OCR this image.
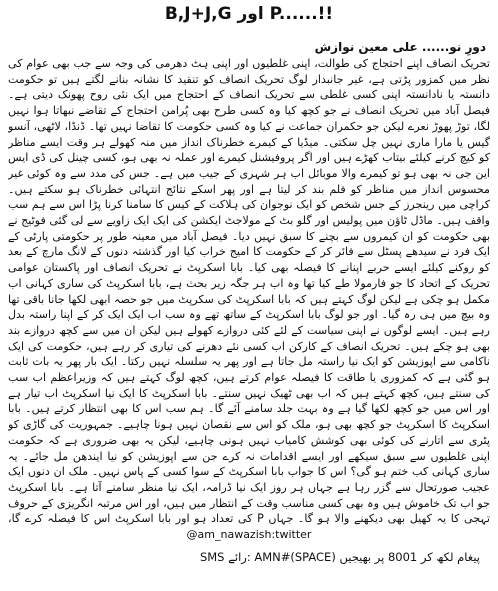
B,J+J,G اور P......!!
دورِ نو...... علی معین نوازش

تحریک انصاف اپنے احتجاج کی طوالت، اپنی غلطیوں اور اپنی ہٹ دھرمی کی وجہ سے جب بھی عوام کی نظر میں کمزور پڑتی ہے، غیر جانبدار لوگ تحریک انصاف کو تنقید کا نشانہ بنانے لگتے ہیں تو حکومت دانستہ یا نادانستہ اپنی کسی غلطی سے تحریک انصاف کے احتجاج میں ایک نئی روح پھونک دیتی ہے۔ فیصل آباد میں تحریک انصاف نے جو کچھ کیا وہ کسی طرح بھی پُرامن احتجاج کے تقاضے نبھاتا ہوا نہیں لگا، توڑ پھوڑ نعرے لیکن جو حکمران جماعت نے کیا وہ کسی حکومت کا تقاضا نہیں تھا۔ ڈنڈا، لاٹھی، آنسو گیس یا مارا ماری نہیں چل سکتی۔ میڈیا کے کیمرے خطرناک انداز میں منہ کھولے ہر وقت ایسے مناظر کو کیچ کرنے کیلئے بیتاب کھڑے ہیں اور اگر پروفیشنل کیمرے اور عملہ نہ بھی ہو، کسی چینل کی ڈی ایس این جی نہ بھی ہو تو کیمرے والا موبائل اب ہر شہری کے جیب میں ہے۔ جس کی مدد سے وہ کوئی غیر محسوس انداز میں مناظر کو فلم بند کر لیتا ہے اور پھر اسکے نتائج انتہائی خطرناک ہو سکتے ہیں۔ کراچی میں رینجرز کے جس شخص کو ایک نوجوان کی ہلاکت کے کیس کا سامنا کرنا پڑا اس سے ہم سب واقف ہیں۔ ماڈل ٹاؤن میں پولیس اور گلو بٹ کے مولاجٹ ایکشن کی ایک ایک زاویے سے لی گئی فوٹیج نے بھی حکومت کو ان کیمروں سے بچنے کا سبق نہیں دیا۔ فیصل آباد میں معینہ طور پر حکومتی پارٹی کے ایک فرد نے سیدھے پسٹل سے فائر کر کے حکومت کا امیج خراب کیا اور گذشتہ دنوں کے لانگ مارچ کے بعد کو روکنے کیلئے ایسے حربے اپنانے کا فیصلہ بھی کیا۔ بابا اسکرپٹ نے تحریک انصاف اور پاکستان عوامی تحریک کے اتحاد کا جو فارمولا طے کیا تھا وہ اب ہر جگہ زیر بحث ہے، بابا اسکرپٹ کی ساری کہانی اب مکمل ہو چکی ہے لیکن لوگ کہتے ہیں کہ بابا اسکرپٹ کی سکرپٹ میں جو حصہ ابھی لکھا جانا باقی تھا وہ بیچ میں ہی رہ گیا۔ اور جو لوگ بابا اسکرپٹ کے ساتھ تھے وہ سب اب ایک ایک کر کے اپنا راستہ بدل رہے ہیں۔ ایسے لوگوں نے اپنی سیاست کے لئے کئی دروازے کھولے ہیں لیکن ان میں سے کچھ دروازے بند بھی ہو چکے ہیں۔ تحریک انصاف کے کارکن اب کسی نئے دھرنے کی تیاری کر رہے ہیں، حکومت کی ایک ناکامی سے اپوزیشن کو ایک نیا راستہ مل جاتا ہے اور پھر یہ سلسلہ نہیں رکتا۔ ایک بار پھر یہ بات ثابت ہو گئی ہے کہ کمزوری یا طاقت کا فیصلہ عوام کرتے ہیں، کچھ لوگ کہتے ہیں کہ وزیراعظم اب سب کی سنتے ہیں، کچھ کہتے ہیں کہ اب بھی ٹھیک نہیں سنتے۔ بابا اسکرپٹ کا ایک نیا اسکرپٹ اب تیار ہے اور اس میں جو کچھ لکھا گیا ہے وہ بہت جلد سامنے آئے گا۔ ہم سب اس کا بھی انتظار کرتے ہیں۔ بابا اسکرپٹ کا اسکرپٹ جو کچھ بھی ہو، ملک کو اس سے نقصان نہیں ہونا چاہیے۔ جمہوریت کی گاڑی کو پٹری سے اتارنے کی کوئی بھی کوشش کامیاب نہیں ہونی چاہیے، لیکن یہ بھی ضروری ہے کہ حکومت اپنی غلطیوں سے سبق سیکھے اور ایسے اقدامات نہ کرے جن سے اپوزیشن کو نیا ایندھن مل جائے۔ یہ ساری کہانی کب ختم ہو گی؟ اس کا جواب بابا اسکرپٹ کے سوا کسی کے پاس نہیں۔ ملک ان دنوں ایک عجیب صورتحال سے گزر رہا ہے جہاں ہر روز ایک نیا ڈرامہ، ایک نیا منظر سامنے آتا ہے۔ بابا اسکرپٹ جو اب تک خاموش ہیں وہ بھی کسی مناسب وقت کے انتظار میں ہیں، اور اس مرتبہ انگریزی کے حروف تہجی کا یہ کھیل بھی دیکھنے والا ہو گا۔ جہاں P کی تعداد ہو اور بابا اسکرپٹ اس کا فیصلہ کرے گا،

@am_nawazish:twitter
SMS رائے: AMN#(SPACE) پیغام لکھ کر 8001 پر بھیجیں
